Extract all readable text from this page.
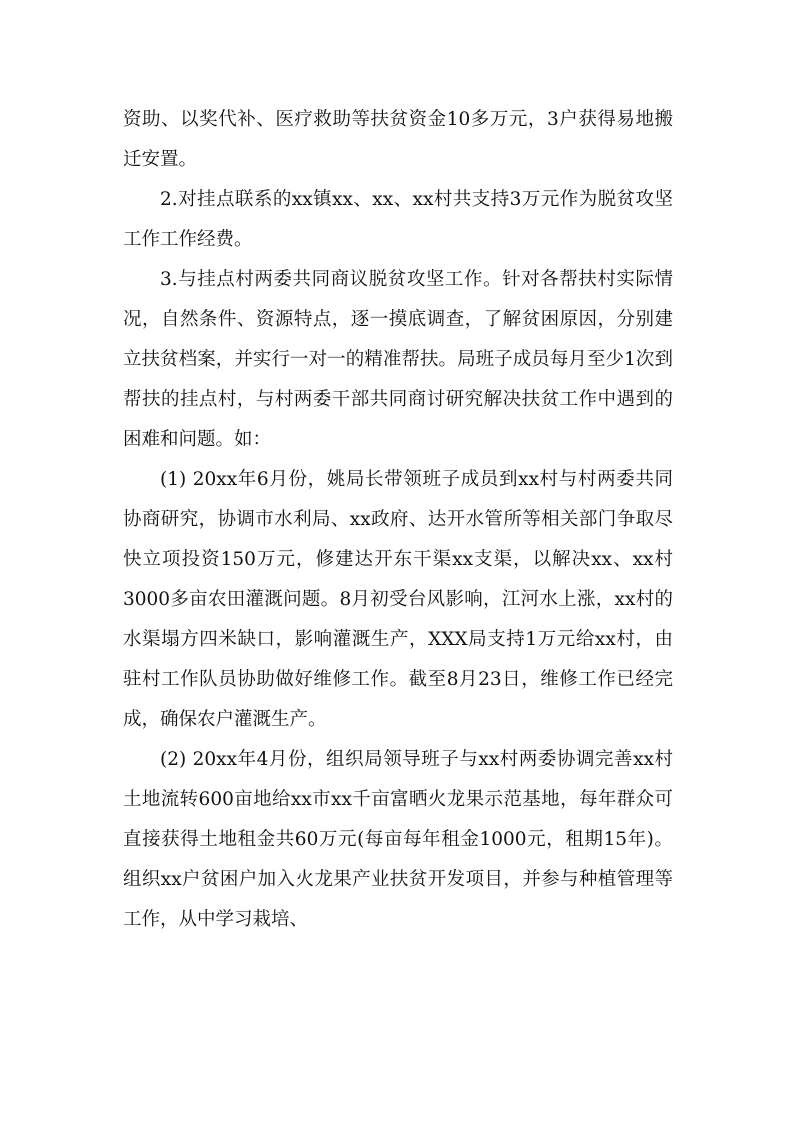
资助、以奖代补、医疗救助等扶贫资金10多万元，3户获得易地搬迁安置。

2.对挂点联系的xx镇xx、xx、xx村共支持3万元作为脱贫攻坚工作工作经费。

3.与挂点村两委共同商议脱贫攻坚工作。针对各帮扶村实际情况，自然条件、资源特点，逐一摸底调查，了解贫困原因，分别建立扶贫档案，并实行一对一的精准帮扶。局班子成员每月至少1次到帮扶的挂点村，与村两委干部共同商讨研究解决扶贫工作中遇到的困难和问题。如：

(1) 20xx年6月份，姚局长带领班子成员到xx村与村两委共同协商研究，协调市水利局、xx政府、达开水管所等相关部门争取尽快立项投资150万元，修建达开东干渠xx支渠，以解决xx、xx村3000多亩农田灌溉问题。8月初受台风影响，江河水上涨，xx村的水渠塌方四米缺口，影响灌溉生产，XXX局支持1万元给xx村，由驻村工作队员协助做好维修工作。截至8月23日，维修工作已经完成，确保农户灌溉生产。

(2) 20xx年4月份，组织局领导班子与xx村两委协调完善xx村土地流转600亩地给xx市xx千亩富晒火龙果示范基地，每年群众可直接获得土地租金共60万元(每亩每年租金1000元，租期15年)。组织xx户贫困户加入火龙果产业扶贫开发项目，并参与种植管理等工作，从中学习栽培、
